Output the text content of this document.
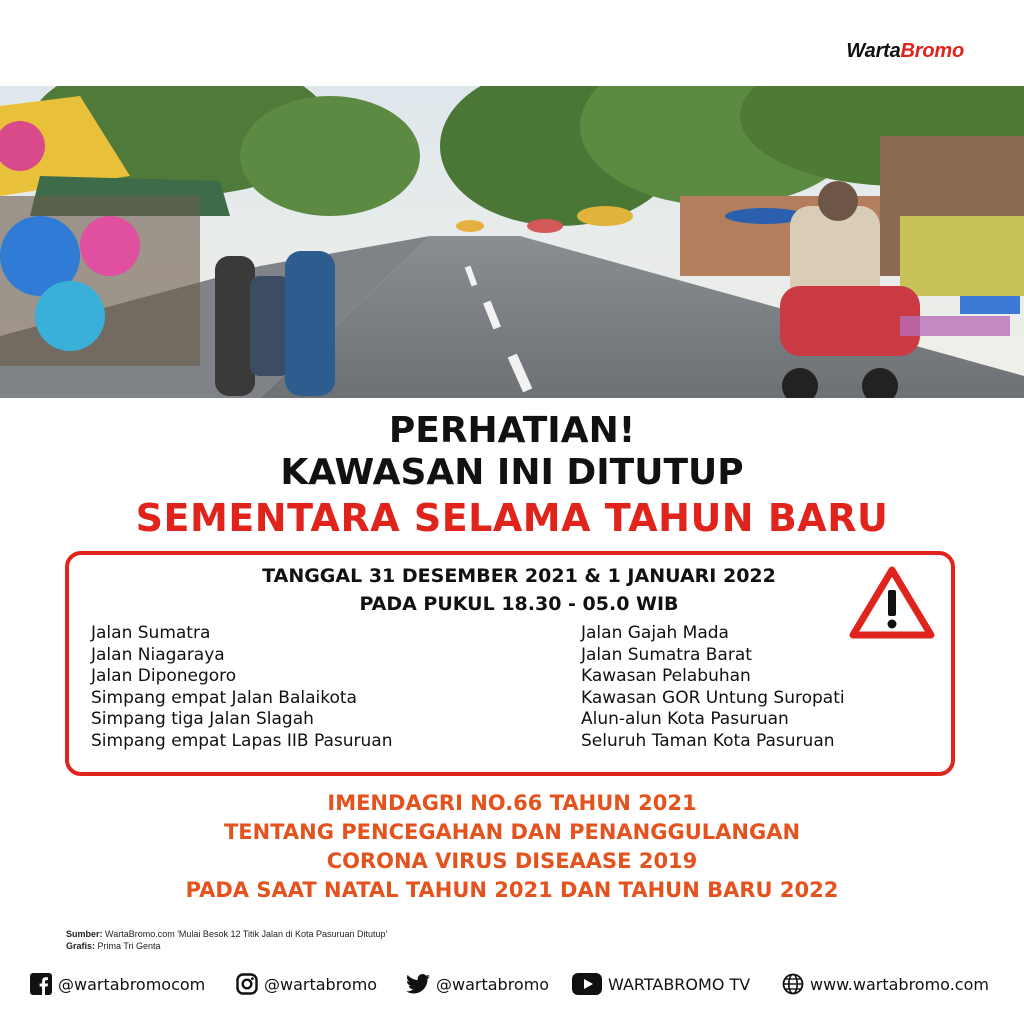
WartaBromo
PERHATIAN!
KAWASAN INI DITUTUP
SEMENTARA SELAMA TAHUN BARU
TANGGAL 31 DESEMBER 2021 & 1 JANUARI 2022
PADA PUKUL 18.30 - 05.0 WIB
Jalan Sumatra
Jalan Niagaraya
Jalan Diponegoro
Simpang empat Jalan Balaikota
Simpang tiga Jalan Slagah
Simpang empat Lapas IIB Pasuruan
Jalan Gajah Mada
Jalan Sumatra Barat
Kawasan Pelabuhan
Kawasan GOR Untung Suropati
Alun-alun Kota Pasuruan
Seluruh Taman Kota Pasuruan
IMENDAGRI NO.66 TAHUN 2021
TENTANG PENCEGAHAN DAN PENANGGULANGAN
CORONA VIRUS DISEAASE 2019
PADA SAAT NATAL TAHUN 2021 DAN TAHUN BARU 2022
Sumber: WartaBromo.com 'Mulai Besok 12 Titik Jalan di Kota Pasuruan Ditutup'
Grafis: Prima Tri Genta
@wartabromocom	@wartabromo	@wartabromo	WARTABROMO TV	www.wartabromo.com
